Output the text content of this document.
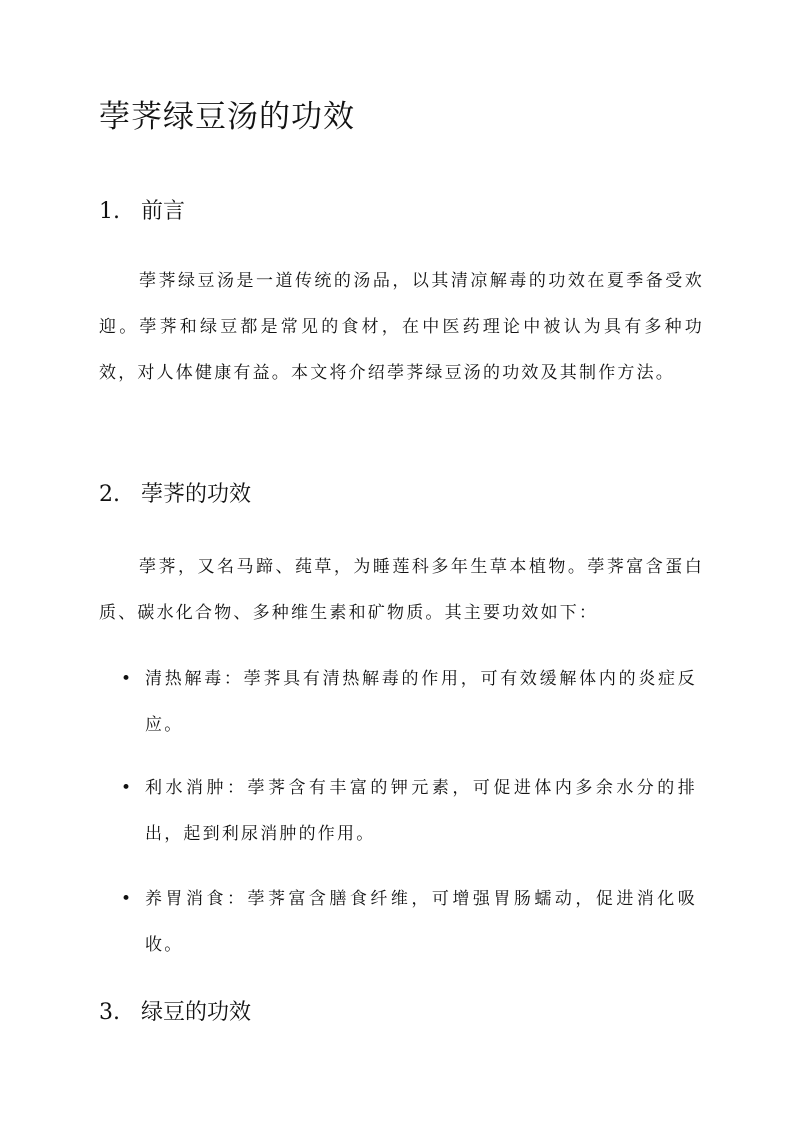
荸荠绿豆汤的功效
1. 前言

荸荠绿豆汤是一道传统的汤品，以其清凉解毒的功效在夏季备受欢迎。荸荠和绿豆都是常见的食材，在中医药理论中被认为具有多种功效，对人体健康有益。本文将介绍荸荠绿豆汤的功效及其制作方法。

2. 荸荠的功效

荸荠，又名马蹄、莼草，为睡莲科多年生草本植物。荸荠富含蛋白质、碳水化合物、多种维生素和矿物质。其主要功效如下：

• 清热解毒：荸荠具有清热解毒的作用，可有效缓解体内的炎症反应。
• 利水消肿：荸荠含有丰富的钾元素，可促进体内多余水分的排出，起到利尿消肿的作用。
• 养胃消食：荸荠富含膳食纤维，可增强胃肠蠕动，促进消化吸收。
3. 绿豆的功效
